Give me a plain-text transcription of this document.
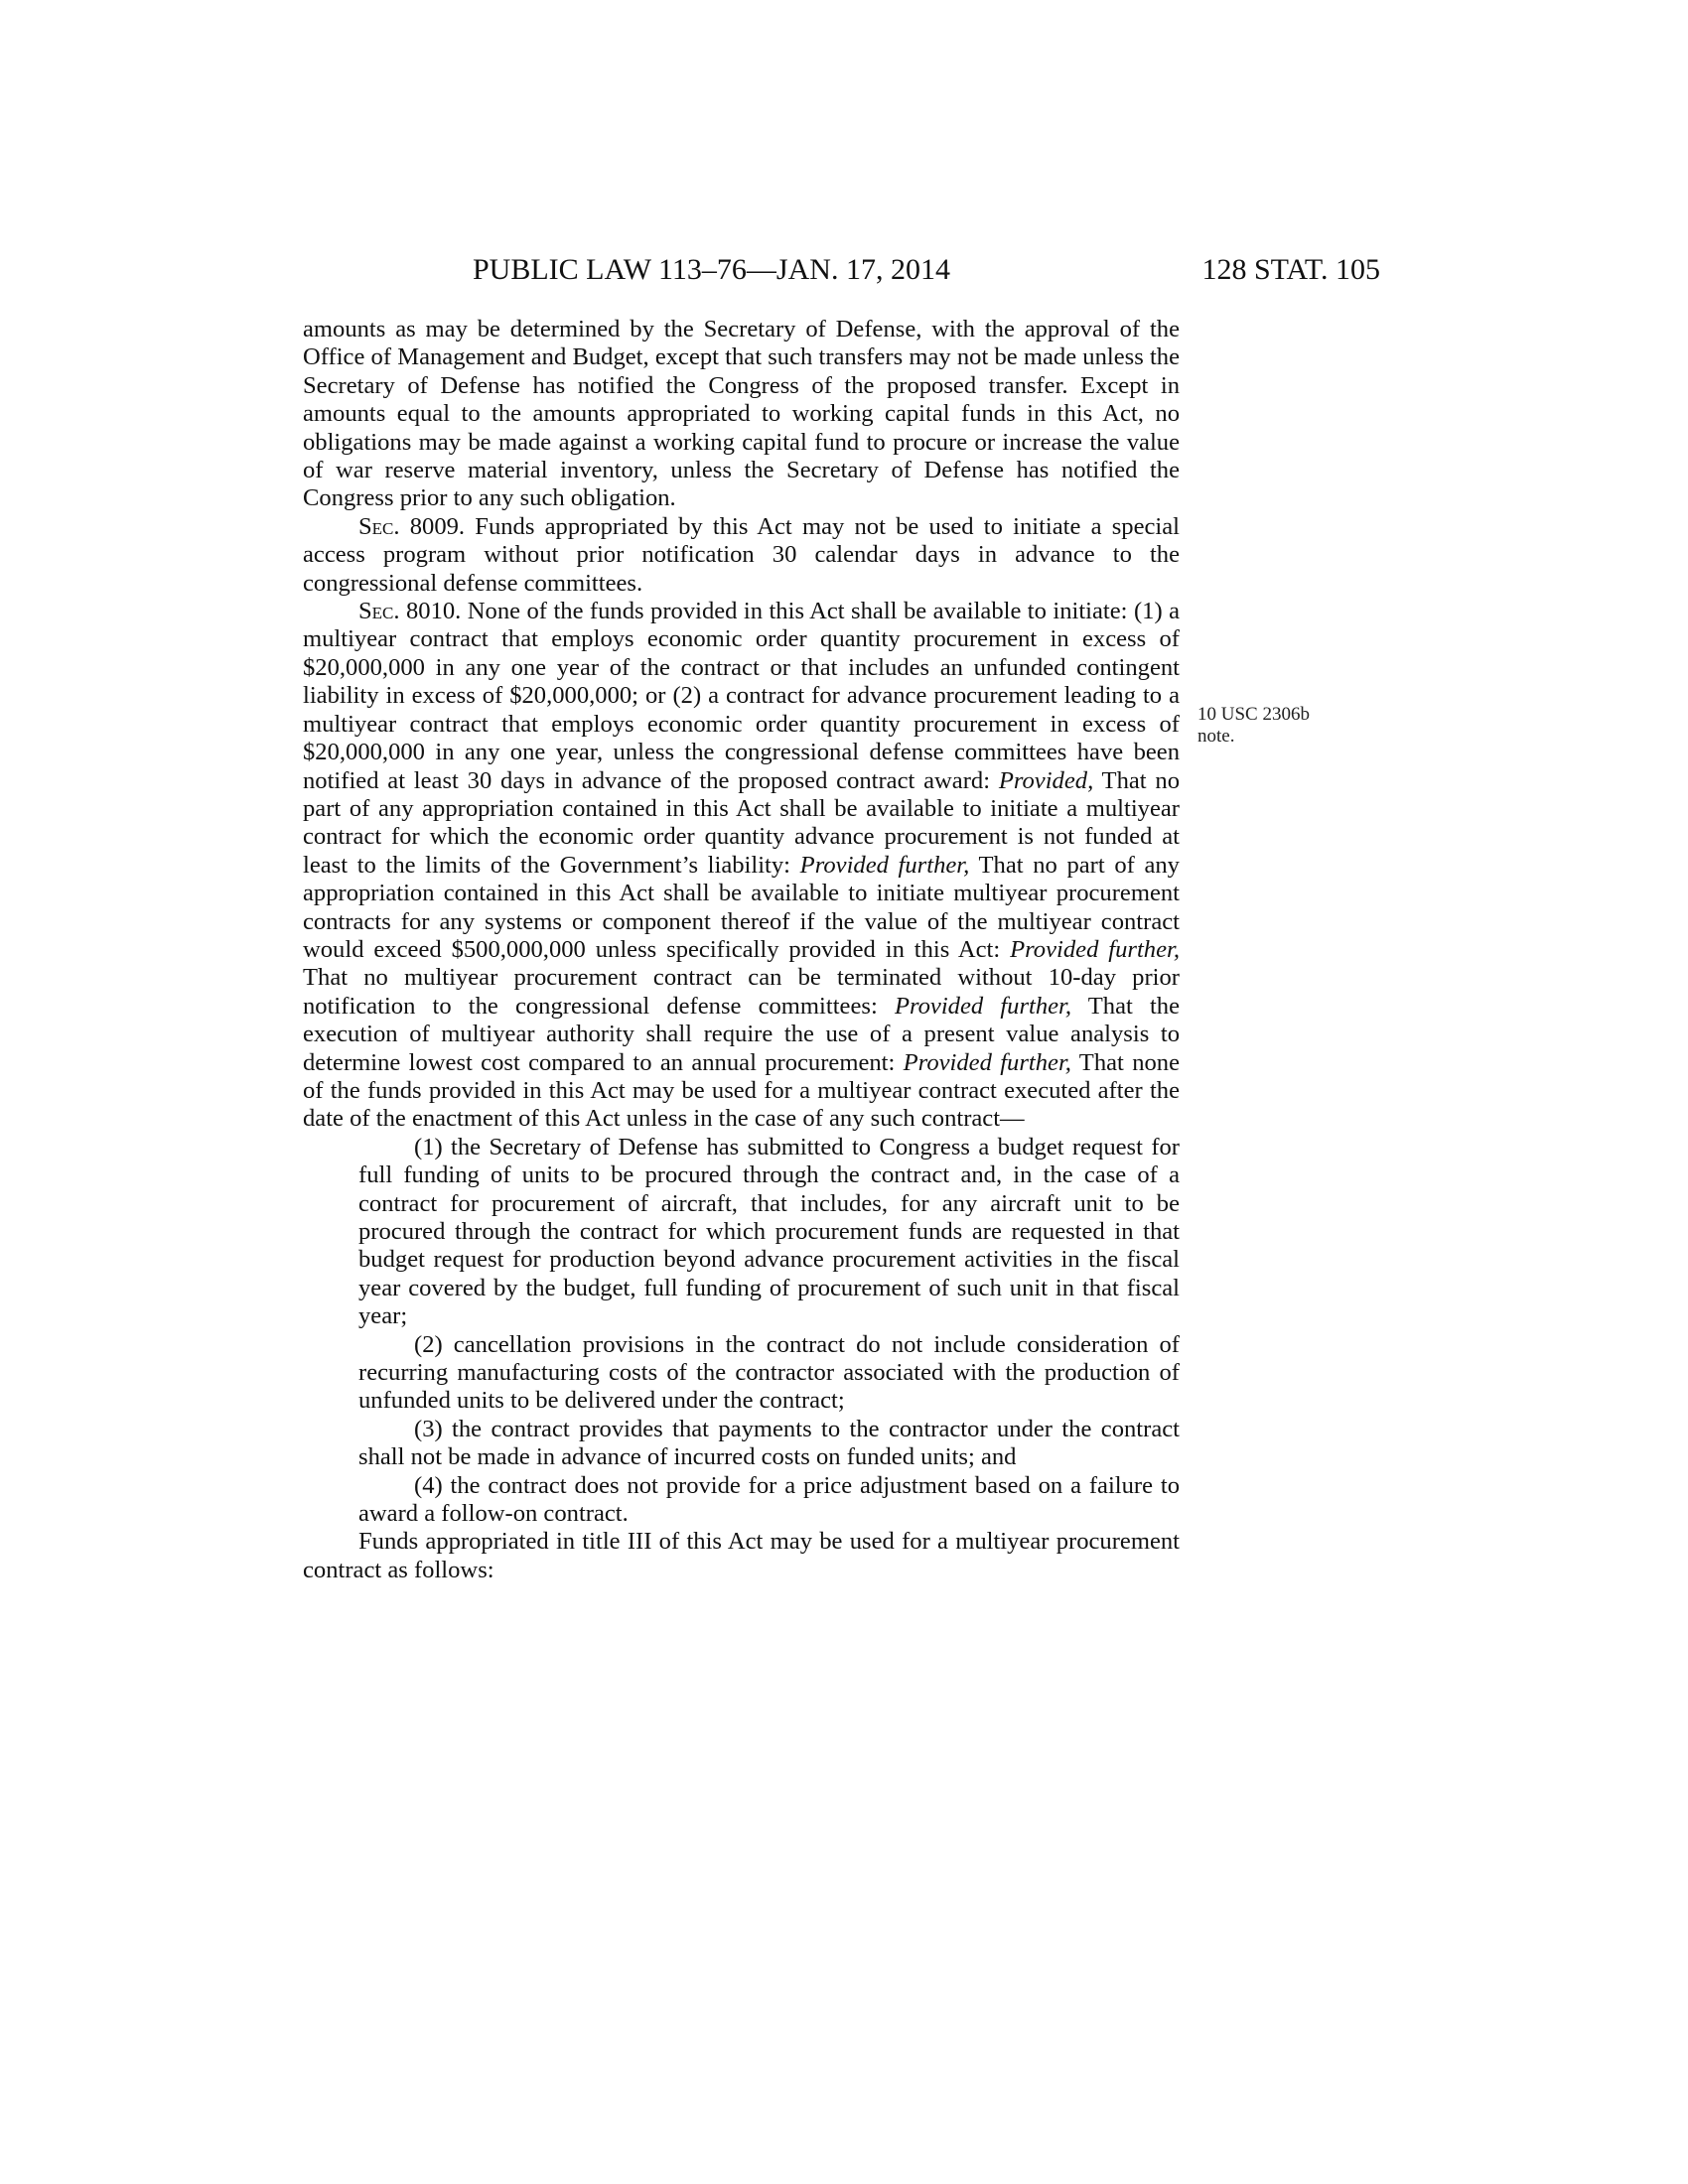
PUBLIC LAW 113–76—JAN. 17, 2014	128 STAT. 105
10 USC 2306b
note.

amounts as may be determined by the Secretary of Defense, with the approval of the Office of Management and Budget, except that such transfers may not be made unless the Secretary of Defense has notified the Congress of the proposed transfer. Except in amounts equal to the amounts appropriated to working capital funds in this Act, no obligations may be made against a working capital fund to procure or increase the value of war reserve material inventory, unless the Secretary of Defense has notified the Congress prior to any such obligation.

Sec. 8009. Funds appropriated by this Act may not be used to initiate a special access program without prior notification 30 calendar days in advance to the congressional defense committees.

Sec. 8010. None of the funds provided in this Act shall be available to initiate: (1) a multiyear contract that employs economic order quantity procurement in excess of $20,000,000 in any one year of the contract or that includes an unfunded contingent liability in excess of $20,000,000; or (2) a contract for advance procurement leading to a multiyear contract that employs economic order quantity procurement in excess of $20,000,000 in any one year, unless the congressional defense committees have been notified at least 30 days in advance of the proposed contract award: Provided, That no part of any appropriation contained in this Act shall be available to initiate a multiyear contract for which the economic order quantity advance procurement is not funded at least to the limits of the Government’s liability: Provided further, That no part of any appropriation contained in this Act shall be available to initiate multiyear procurement contracts for any systems or component thereof if the value of the multiyear contract would exceed $500,000,000 unless specifically provided in this Act: Provided further, That no multiyear procurement contract can be terminated without 10-day prior notification to the congressional defense committees: Provided further, That the execution of multiyear authority shall require the use of a present value analysis to determine lowest cost compared to an annual procurement: Provided further, That none of the funds provided in this Act may be used for a multiyear contract executed after the date of the enactment of this Act unless in the case of any such contract—

(1) the Secretary of Defense has submitted to Congress a budget request for full funding of units to be procured through the contract and, in the case of a contract for procurement of aircraft, that includes, for any aircraft unit to be procured through the contract for which procurement funds are requested in that budget request for production beyond advance procurement activities in the fiscal year covered by the budget, full funding of procurement of such unit in that fiscal year;

(2) cancellation provisions in the contract do not include consideration of recurring manufacturing costs of the contractor associated with the production of unfunded units to be delivered under the contract;

(3) the contract provides that payments to the contractor under the contract shall not be made in advance of incurred costs on funded units; and

(4) the contract does not provide for a price adjustment based on a failure to award a follow-on contract.

Funds appropriated in title III of this Act may be used for a multiyear procurement contract as follows:
